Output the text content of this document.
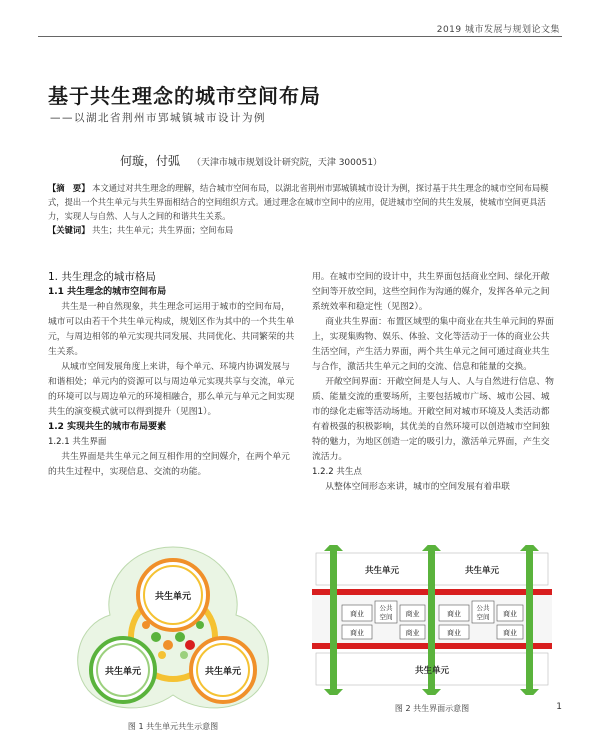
2019 城市发展与规划论文集
基于共生理念的城市空间布局
——以湖北省荆州市郢城镇城市设计为例
何璇，付弧 （天津市城市规划设计研究院，天津 300051）
【摘　要】 本文通过对共生理念的理解，结合城市空间布局，以湖北省荆州市郢城镇城市设计为例，探讨基于共生理念的城市空间布局模式，提出一个共生单元与共生界面相结合的空间组织方式。通过理念在城市空间中的应用，促进城市空间的共生发展，使城市空间更具活力，实现人与自然、人与人之间的和谐共生关系。
【关键词】 共生；共生单元；共生界面；空间布局

1. 共生理念的城市格局

1.1 共生理念的城市空间布局

共生是一种自然现象，共生理念可运用于城市的空间布局，城市可以由若干个共生单元构成，规划区作为其中的一个共生单元，与周边相邻的单元实现共同发展、共同优化、共同繁荣的共生关系。

从城市空间发展角度上来讲，每个单元、环境内协调发展与和谐相处；单元内的资源可以与周边单元实现共享与交流，单元的环境可以与周边单元的环境相融合，那么单元与单元之间实现共生的演变模式就可以得到提升（见图1）。

1.2 实现共生的城市布局要素

1.2.1 共生界面

共生界面是共生单元之间互相作用的空间媒介，在两个单元的共生过程中，实现信息、交流的功能。

用。在城市空间的设计中，共生界面包括商业空间、绿化开敞空间等开放空间，这些空间作为沟通的媒介，发挥各单元之间系统效率和稳定性（见图2）。

商业共生界面：布置区域型的集中商业在共生单元间的界面上，实现集购物、娱乐、体验、文化等活动于一体的商业公共生活空间，产生活力界面，两个共生单元之间可通过商业共生与合作，激活共生单元之间的交流、信息和能量的交换。

开敞空间界面：开敞空间是人与人、人与自然进行信息、物质、能量交流的重要场所，主要包括城市广场、城市公园、城市的绿化走廊等活动场地。开敞空间对城市环境及人类活动都有着极强的积极影响，其优美的自然环境可以创造城市空间独特的魅力，为地区创造一定的吸引力，激活单元界面，产生交流活力。

1.2.2 共生点

从整体空间形态来讲，城市的空间发展有着串联

共生单元
共生单元	共生单元
图 1 共生单元共生示意图
共生单元	共生单元
共生单元
商业
公共
空间 商业	商业
公共
空间 商业
商业	商业	商业	商业
图 2 共生界面示意图	1
